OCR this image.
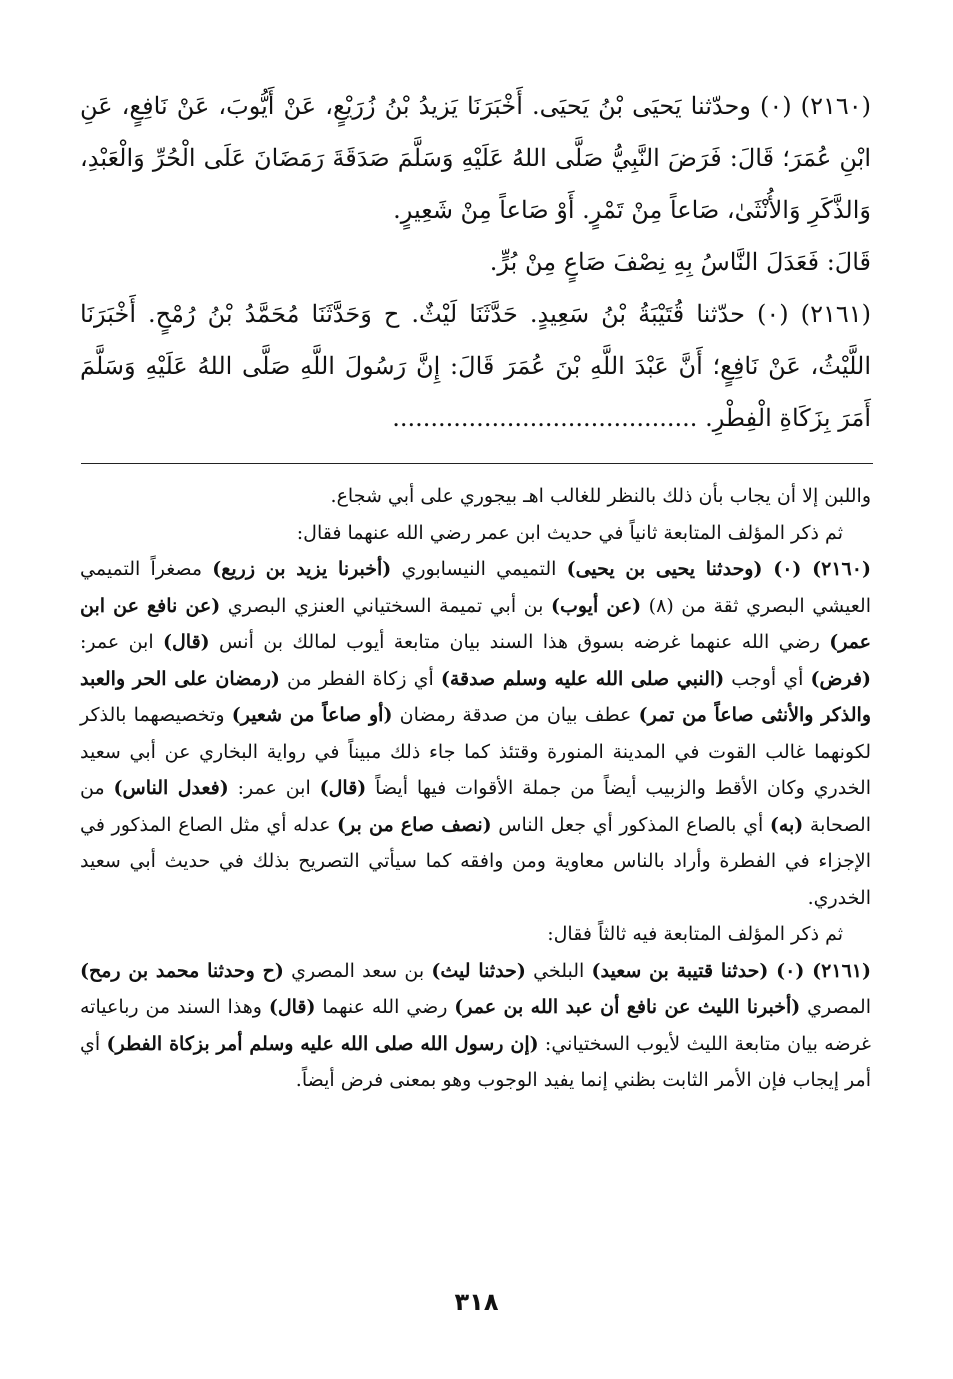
(٢١٦٠) (٠) وحدّثنا يَحيَى بْنُ يَحيَى. أَخْبَرَنَا يَزيدُ بْنُ زُرَيْعٍ، عَنْ أَيُّوبَ، عَنْ نَافِعٍ، عَنِ ابْنِ عُمَرَ؛ قَالَ: فَرَضَ النَّبِيُّ صَلَّى اللهُ عَلَيْهِ وَسَلَّمَ صَدَقَةَ رَمَضَانَ عَلَى الْحُرِّ وَالْعَبْدِ، وَالذَّكَرِ وَالأُنْثَىٰ، صَاعاً مِنْ تَمْرٍ. أَوْ صَاعاً مِنْ شَعِيرٍ.

قَالَ: فَعَدَلَ النَّاسُ بِهِ نِصْفَ صَاعٍ مِنْ بُرٍّ.

(٢١٦١) (٠) حدّثنا قُتَيْبَةُ بْنُ سَعِيدٍ. حَدَّثَنَا لَيْثٌ. ح وَحَدَّثَنَا مُحَمَّدُ بْنُ رُمْحٍ. أَخْبَرَنَا اللَّيْثُ، عَنْ نَافِعٍ؛ أَنَّ عَبْدَ اللَّهِ بْنَ عُمَرَ قَالَ: إِنَّ رَسُولَ اللَّهِ صَلَّى اللهُ عَلَيْهِ وَسَلَّمَ أَمَرَ بِزَكَاةِ الْفِطْرِ. ........................................

واللبن إلا أن يجاب بأن ذلك بالنظر للغالب اهـ بيجوري على أبي شجاع.

ثم ذكر المؤلف المتابعة ثانياً في حديث ابن عمر رضي الله عنهما فقال:

(٢١٦٠) (٠) (وحدثنا يحيى بن يحيى) التميمي النيسابوري (أخبرنا يزيد بن زريع) مصغراً التميمي العيشي البصري ثقة من (٨) (عن أيوب) بن أبي تميمة السختياني العنزي البصري (عن نافع عن ابن عمر) رضي الله عنهما غرضه بسوق هذا السند بيان متابعة أيوب لمالك بن أنس (قال) ابن عمر: (فرض) أي أوجب (النبي صلى الله عليه وسلم صدقة) أي زكاة الفطر من (رمضان على الحر والعبد والذكر والأنثى صاعاً من تمر) عطف بيان من صدقة رمضان (أو صاعاً من شعير) وتخصيصهما بالذكر لكونهما غالب القوت في المدينة المنورة وقتئذ كما جاء ذلك مبيناً في رواية البخاري عن أبي سعيد الخدري وكان الأقط والزبيب أيضاً من جملة الأقوات فيها أيضاً (قال) ابن عمر: (فعدل الناس) من الصحابة (به) أي بالصاع المذكور أي جعل الناس (نصف صاع من بر) عدله أي مثل الصاع المذكور في الإجزاء في الفطرة وأراد بالناس معاوية ومن وافقه كما سيأتي التصريح بذلك في حديث أبي سعيد الخدري.

ثم ذكر المؤلف المتابعة فيه ثالثاً فقال:

(٢١٦١) (٠) (حدثنا قتيبة بن سعيد) البلخي (حدثنا ليث) بن سعد المصري (ح وحدثنا محمد بن رمح) المصري (أخبرنا الليث عن نافع أن عبد الله بن عمر) رضي الله عنهما (قال) وهذا السند من رباعياته غرضه بيان متابعة الليث لأيوب السختياني: (إن رسول الله صلى الله عليه وسلم أمر بزكاة الفطر) أي أمر إيجاب فإن الأمر الثابت بظني إنما يفيد الوجوب وهو بمعنى فرض أيضاً.

٣١٨
